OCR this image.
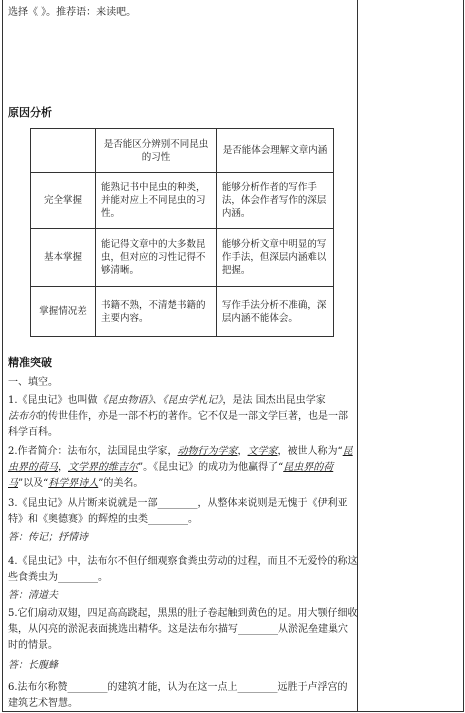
选择《 》。推荐语：来读吧。
原因分析
	是否能区分辨别不同昆虫的习性	是否能体会理解文章内涵
完全掌握	能熟记书中昆虫的种类，并能对应上不同昆虫的习性。	能够分析作者的写作手法，体会作者写作的深层内涵。
基本掌握	能记得文章中的大多数昆虫，但对应的习性记得不够清晰。	能够分析文章中明显的写作手法，但深层内涵难以把握。
掌握情况差	书籍不熟，不清楚书籍的主要内容。	写作手法分析不准确，深层内涵不能体会。
精准突破
一、填空。
1.《昆虫记》也叫做《昆虫物语》、《昆虫学札记》，是法 国杰出昆虫学家
法布尔的传世佳作，亦是一部不朽的著作。它不仅是一部文学巨著，也是一部
科学百科。
2.作者简介：法布尔，法国昆虫学家，动物行为学家，文学家，被世人称为“昆
虫界的荷马，文学界的维吉尔”。《昆虫记》的成功为他赢得了“昆虫界的荷
马”以及“科学界诗人”的美名。
3.《昆虫记》从片断来说就是一部________，从整体来说则是无愧于《伊利亚
特》和《奥德赛》的辉煌的虫类________。
答：传记；抒情诗
4.《昆虫记》中，法布尔不但仔细观察食粪虫劳动的过程，而且不无爱怜的称这
些食粪虫为________。
答：清道夫
5.它们扇动双翅，四足高高跷起，黑黑的肚子卷起触到黄色的足。用大颚仔细收
集，从闪亮的淤泥表面挑选出精华。这是法布尔描写________从淤泥垒建巢穴
时的情景。
答：长腹蜂
6.法布尔称赞________的建筑才能，认为在这一点上________远胜于卢浮宫的
建筑艺术智慧。
